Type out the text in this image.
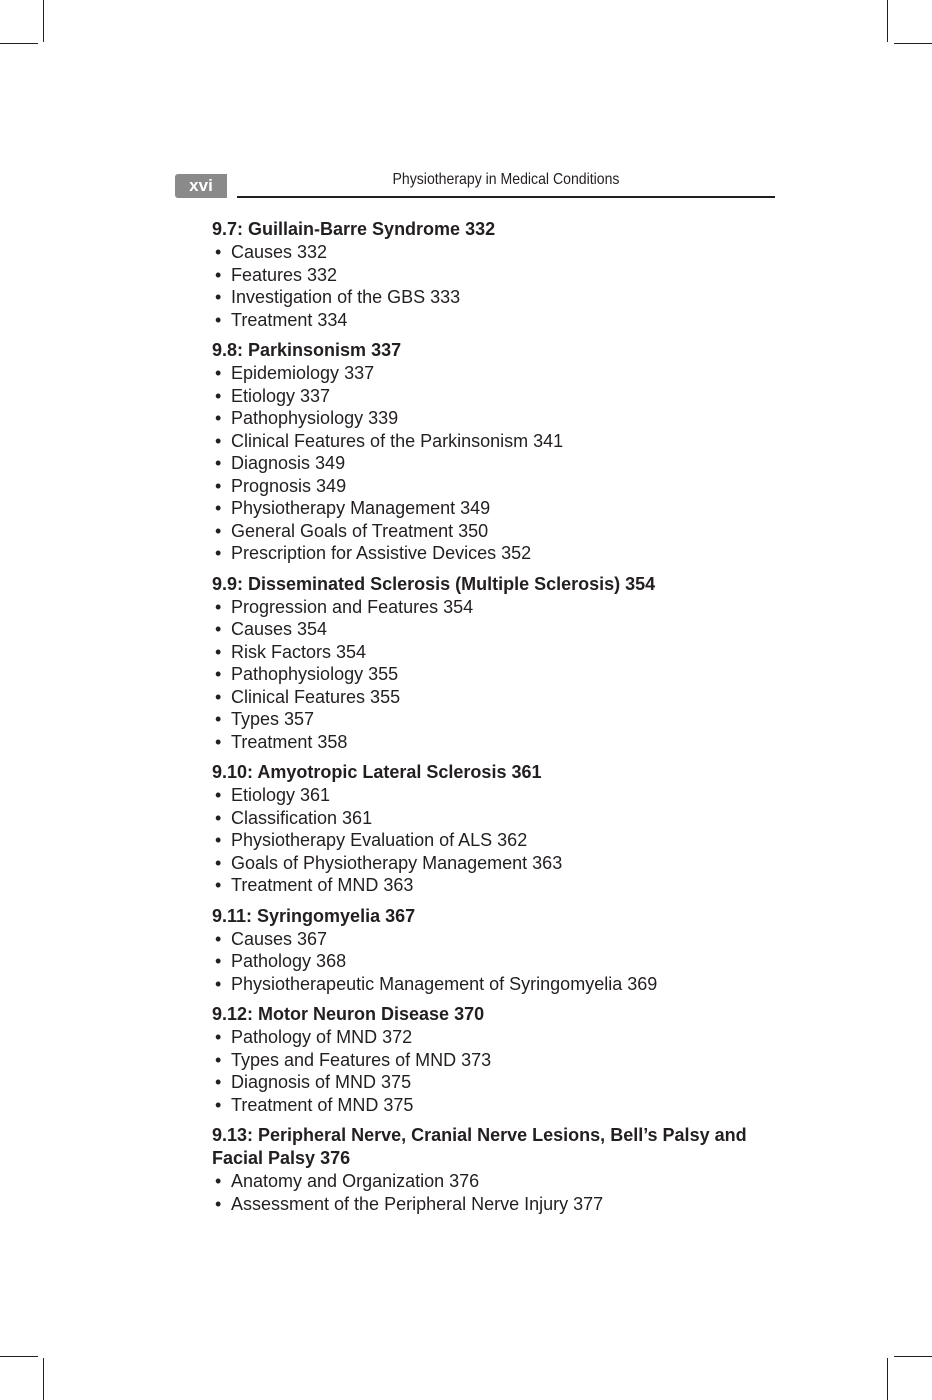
xvi	Physiotherapy in Medical Conditions

9.7: Guillain-Barre Syndrome 332

• Causes 332
• Features 332
• Investigation of the GBS 333
• Treatment 334

9.8: Parkinsonism 337

• Epidemiology 337
• Etiology 337
• Pathophysiology 339
• Clinical Features of the Parkinsonism 341
• Diagnosis 349
• Prognosis 349
• Physiotherapy Management 349
• General Goals of Treatment 350
• Prescription for Assistive Devices 352

9.9: Disseminated Sclerosis (Multiple Sclerosis) 354

• Progression and Features 354
• Causes 354
• Risk Factors 354
• Pathophysiology 355
• Clinical Features 355
• Types 357
• Treatment 358

9.10: Amyotropic Lateral Sclerosis 361

• Etiology 361
• Classification 361
• Physiotherapy Evaluation of ALS 362
• Goals of Physiotherapy Management 363
• Treatment of MND 363

9.11: Syringomyelia 367

• Causes 367
• Pathology 368
• Physiotherapeutic Management of Syringomyelia 369

9.12: Motor Neuron Disease 370

• Pathology of MND 372
• Types and Features of MND 373
• Diagnosis of MND 375
• Treatment of MND 375

9.13: Peripheral Nerve, Cranial Nerve Lesions, Bell’s Palsy and Facial Palsy 376

• Anatomy and Organization 376
• Assessment of the Peripheral Nerve Injury 377
